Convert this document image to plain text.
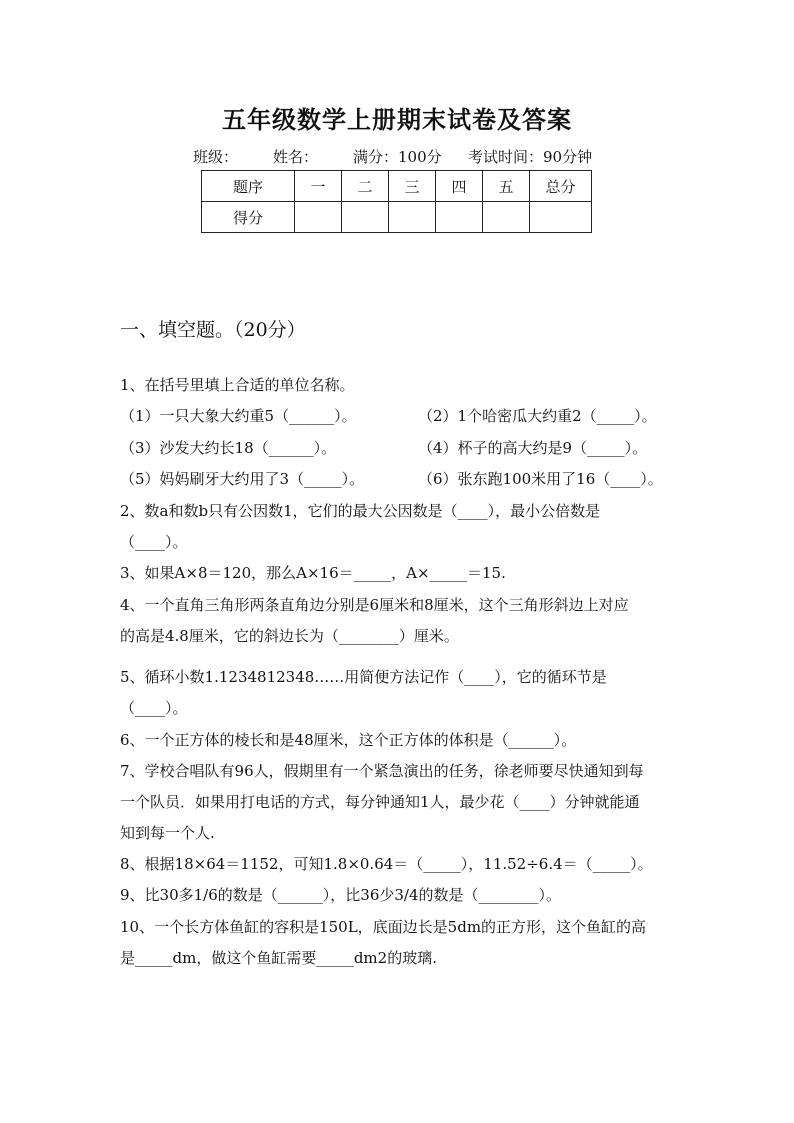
五年级数学上册期末试卷及答案
班级： 姓名： 满分：100分 考试时间：90分钟
题序	一	二	三	四	五	总分
得分						
一、填空题。（20分）
1、在括号里填上合适的单位名称。
（1）一只大象大约重5（______）。	（2）1个哈密瓜大约重2（_____）。
（3）沙发大约长18（______）。	（4）杯子的高大约是9（_____）。
（5）妈妈刷牙大约用了3（_____）。	（6）张东跑100米用了16（____）。
2、数a和数b只有公因数1，它们的最大公因数是（____），最小公倍数是
（____）。
3、如果A×8＝120，那么A×16＝_____，A×_____＝15.
4、一个直角三角形两条直角边分别是6厘米和8厘米，这个三角形斜边上对应
的高是4.8厘米，它的斜边长为（________）厘米。
5、循环小数1.1234812348……用简便方法记作（____），它的循环节是
（____）。
6、一个正方体的棱长和是48厘米，这个正方体的体积是（______）。
7、学校合唱队有96人，假期里有一个紧急演出的任务，徐老师要尽快通知到每
一个队员．如果用打电话的方式，每分钟通知1人，最少花（____）分钟就能通
知到每一个人.
8、根据18×64＝1152，可知1.8×0.64＝（_____），11.52÷6.4＝（_____）。
9、比30多1/6的数是（______），比36少3/4的数是（________）。
10、一个长方体鱼缸的容积是150L，底面边长是5dm的正方形，这个鱼缸的高
是_____dm，做这个鱼缸需要_____dm2的玻璃.
